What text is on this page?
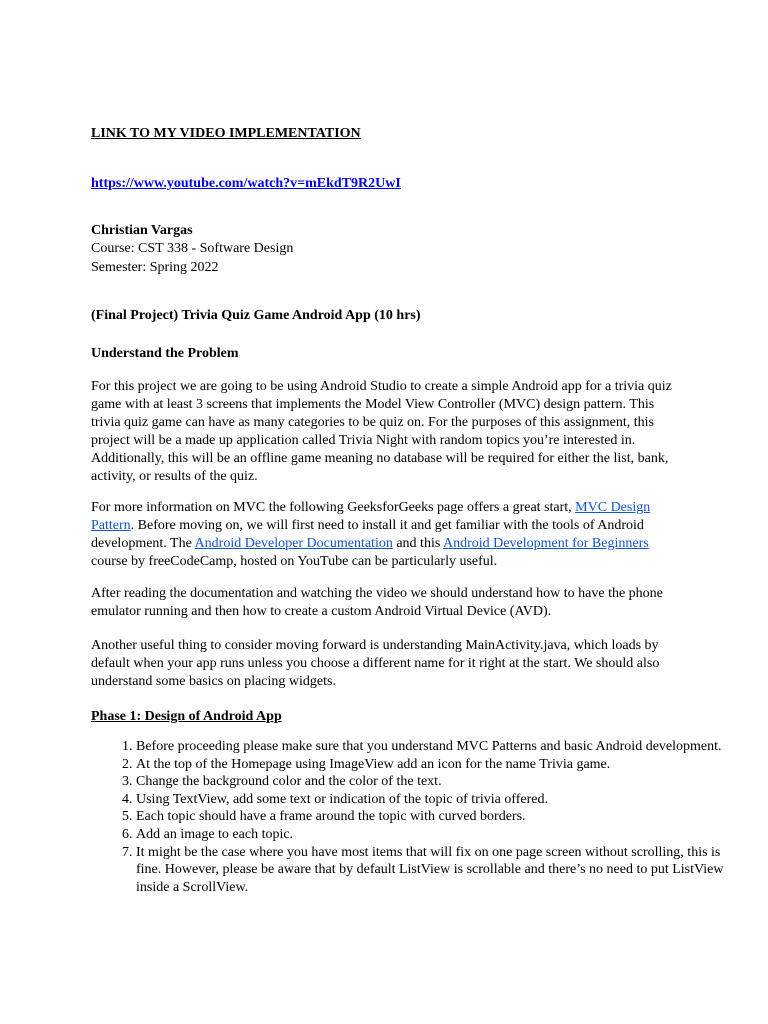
LINK TO MY VIDEO IMPLEMENTATION

https://www.youtube.com/watch?v=mEkdT9R2UwI

Christian Vargas

Course: CST 338 - Software Design

Semester: Spring 2022

(Final Project) Trivia Quiz Game Android App (10 hrs)

Understand the Problem

For this project we are going to be using Android Studio to create a simple Android app for a trivia quiz game with at least 3 screens that implements the Model View Controller (MVC) design pattern. This trivia quiz game can have as many categories to be quiz on. For the purposes of this assignment, this project will be a made up application called Trivia Night with random topics you’re interested in. Additionally, this will be an offline game meaning no database will be required for either the list, bank, activity, or results of the quiz.

For more information on MVC the following GeeksforGeeks page offers a great start, MVC Design Pattern. Before moving on, we will first need to install it and get familiar with the tools of Android development. The Android Developer Documentation and this Android Development for Beginners course by freeCodeCamp, hosted on YouTube can be particularly useful.

After reading the documentation and watching the video we should understand how to have the phone emulator running and then how to create a custom Android Virtual Device (AVD).

Another useful thing to consider moving forward is understanding MainActivity.java, which loads by default when your app runs unless you choose a different name for it right at the start. We should also understand some basics on placing widgets.

Phase 1: Design of Android App

1. Before proceeding please make sure that you understand MVC Patterns and basic Android development.
2. At the top of the Homepage using ImageView add an icon for the name Trivia game.
3. Change the background color and the color of the text.
4. Using TextView, add some text or indication of the topic of trivia offered.
5. Each topic should have a frame around the topic with curved borders.
6. Add an image to each topic.
7. It might be the case where you have most items that will fix on one page screen without scrolling, this is fine. However, please be aware that by default ListView is scrollable and there’s no need to put ListView inside a ScrollView.
